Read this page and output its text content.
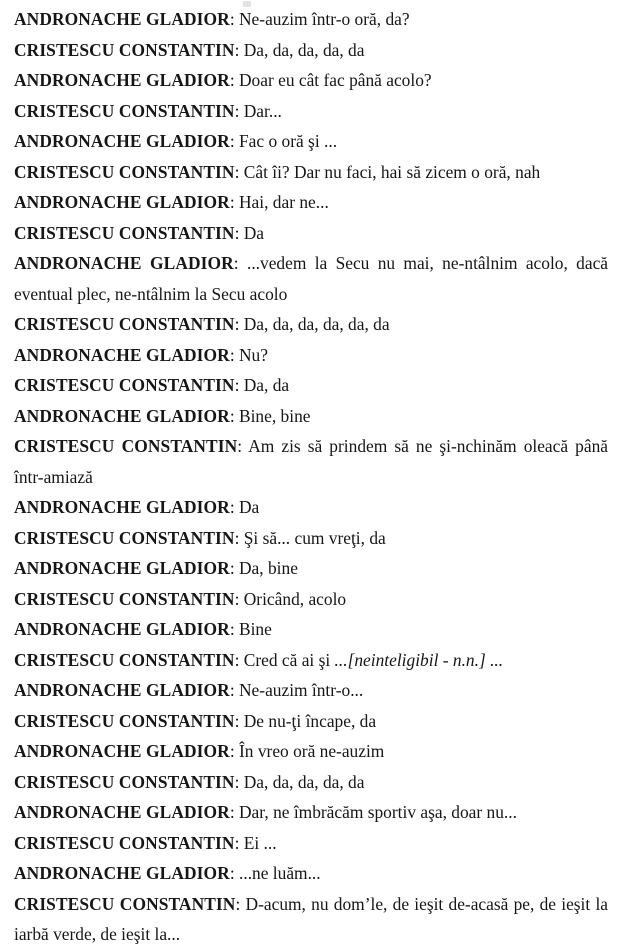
ANDRONACHE GLADIOR: Ne-auzim într-o oră, da?
CRISTESCU CONSTANTIN: Da, da, da, da, da
ANDRONACHE GLADIOR: Doar eu cât fac până acolo?
CRISTESCU CONSTANTIN: Dar...
ANDRONACHE GLADIOR: Fac o oră şi ...
CRISTESCU CONSTANTIN: Cât îi? Dar nu faci, hai să zicem o oră, nah
ANDRONACHE GLADIOR: Hai, dar ne...
CRISTESCU CONSTANTIN: Da
ANDRONACHE GLADIOR: ...vedem la Secu nu mai, ne-ntâlnim acolo, dacă
eventual plec, ne-ntâlnim la Secu acolo
CRISTESCU CONSTANTIN: Da, da, da, da, da, da
ANDRONACHE GLADIOR: Nu?
CRISTESCU CONSTANTIN: Da, da
ANDRONACHE GLADIOR: Bine, bine
CRISTESCU CONSTANTIN: Am zis să prindem să ne şi-nchinăm oleacă până
într-amiază
ANDRONACHE GLADIOR: Da
CRISTESCU CONSTANTIN: Şi să... cum vreţi, da
ANDRONACHE GLADIOR: Da, bine
CRISTESCU CONSTANTIN: Oricând, acolo
ANDRONACHE GLADIOR: Bine
CRISTESCU CONSTANTIN: Cred că ai şi ...[neinteligibil - n.n.] ...
ANDRONACHE GLADIOR: Ne-auzim într-o...
CRISTESCU CONSTANTIN: De nu-ţi încape, da
ANDRONACHE GLADIOR: În vreo oră ne-auzim
CRISTESCU CONSTANTIN: Da, da, da, da, da
ANDRONACHE GLADIOR: Dar, ne îmbrăcăm sportiv aşa, doar nu...
CRISTESCU CONSTANTIN: Ei ...
ANDRONACHE GLADIOR: ...ne luăm...
CRISTESCU CONSTANTIN: D-acum, nu dom’le, de ieşit de-acasă pe, de ieşit la
iarbă verde, de ieşit la...
